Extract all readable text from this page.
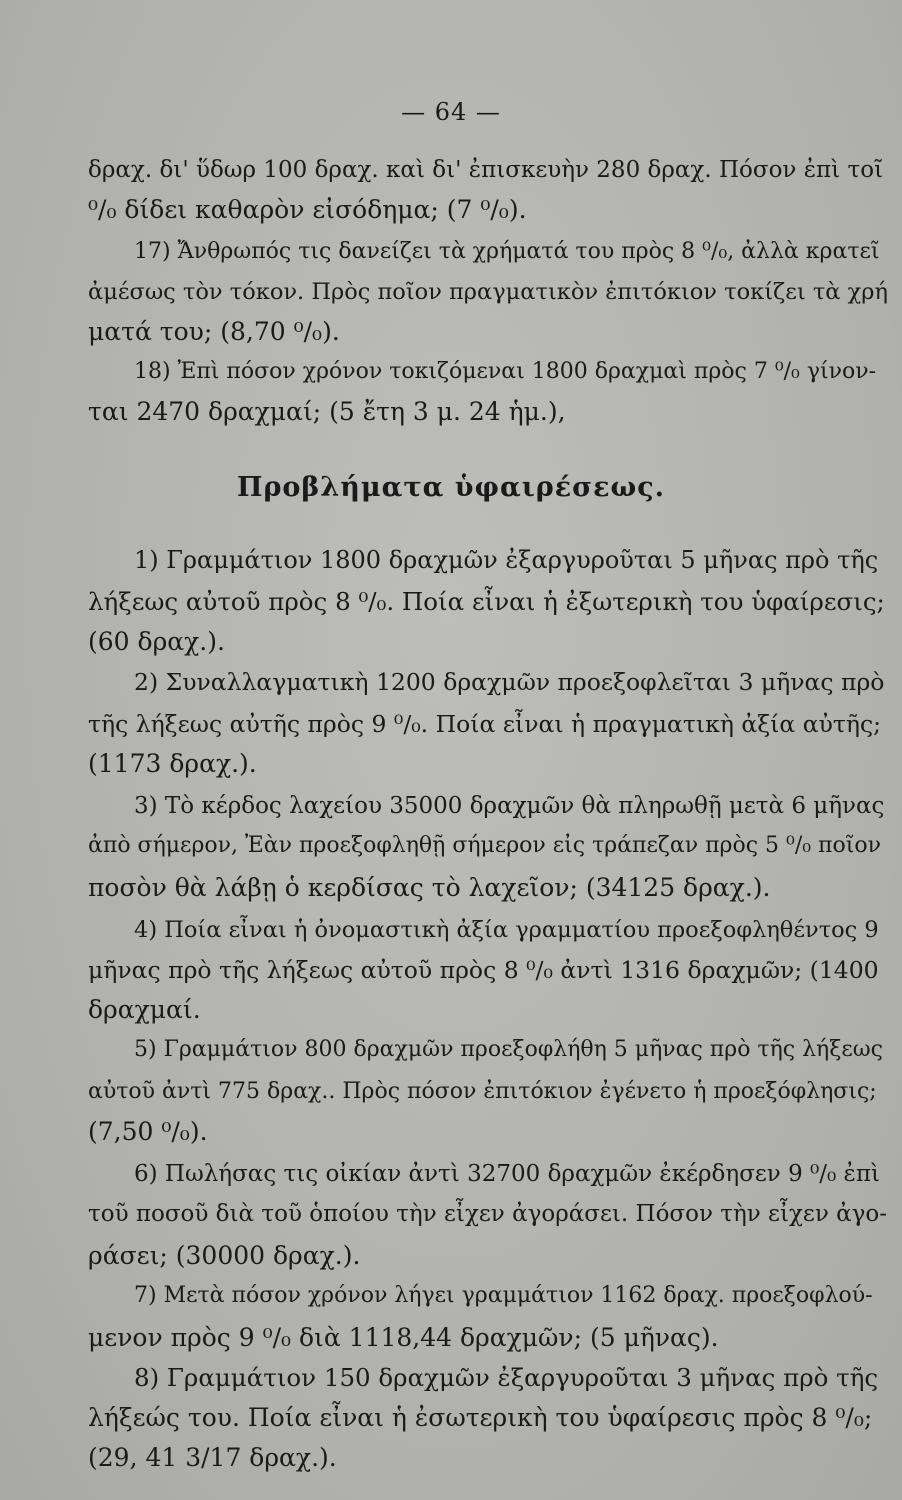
— 64 —
δραχ. δι' ὕδωρ 100 δραχ. καὶ δι' ἐπισκευὴν 280 δραχ. Πόσον ἐπὶ τοῖ
⁰/₀ δίδει καθαρὸν εἰσόδημα; (7 ⁰/₀).
17) Ἄνθρωπός τις δανείζει τὰ χρήματά του πρὸς 8 ⁰/₀, ἀλλὰ κρατεῖ
ἀμέσως τὸν τόκον. Πρὸς ποῖον πραγματικὸν ἐπιτόκιον τοκίζει τὰ χρή
ματά του; (8,70 ⁰/₀).
18) Ἐπὶ πόσον χρόνον τοκιζόμεναι 1800 δραχμαὶ πρὸς 7 ⁰/₀ γίνον-
ται 2470 δραχμαί; (5 ἔτη 3 μ. 24 ἡμ.),
Προβλήματα ὑφαιρέσεως.
1) Γραμμάτιον 1800 δραχμῶν ἐξαργυροῦται 5 μῆνας πρὸ τῆς
λήξεως αὐτοῦ πρὸς 8 ⁰/₀. Ποία εἶναι ἡ ἐξωτερικὴ του ὑφαίρεσις;
(60 δραχ.).
2) Συναλλαγματικὴ 1200 δραχμῶν προεξοφλεῖται 3 μῆνας πρὸ
τῆς λήξεως αὐτῆς πρὸς 9 ⁰/₀. Ποία εἶναι ἡ πραγματικὴ ἀξία αὐτῆς;
(1173 δραχ.).
3) Τὸ κέρδος λαχείου 35000 δραχμῶν θὰ πληρωθῇ μετὰ 6 μῆνας
ἀπὸ σήμερον, Ἐὰν προεξοφληθῇ σήμερον εἰς τράπεζαν πρὸς 5 ⁰/₀ ποῖον
ποσὸν θὰ λάβῃ ὁ κερδίσας τὸ λαχεῖον; (34125 δραχ.).
4) Ποία εἶναι ἡ ὀνομαστικὴ ἀξία γραμματίου προεξοφληθέντος 9
μῆνας πρὸ τῆς λήξεως αὐτοῦ πρὸς 8 ⁰/₀ ἀντὶ 1316 δραχμῶν; (1400
δραχμαί.
5) Γραμμάτιον 800 δραχμῶν προεξοφλήθη 5 μῆνας πρὸ τῆς λήξεως
αὐτοῦ ἀντὶ 775 δραχ.. Πρὸς πόσον ἐπιτόκιον ἐγένετο ἡ προεξόφλησις;
(7,50 ⁰/₀).
6) Πωλήσας τις οἰκίαν ἀντὶ 32700 δραχμῶν ἐκέρδησεν 9 ⁰/₀ ἐπὶ
τοῦ ποσοῦ διὰ τοῦ ὁποίου τὴν εἶχεν ἀγοράσει. Πόσον τὴν εἶχεν ἀγο-
ράσει; (30000 δραχ.).
7) Μετὰ πόσον χρόνον λήγει γραμμάτιον 1162 δραχ. προεξοφλού-
μενον πρὸς 9 ⁰/₀ διὰ 1118,44 δραχμῶν; (5 μῆνας).
8) Γραμμάτιον 150 δραχμῶν ἐξαργυροῦται 3 μῆνας πρὸ τῆς
λήξεώς του. Ποία εἶναι ἡ ἐσωτερικὴ του ὑφαίρεσις πρὸς 8 ⁰/₀;
(29, 41 3/17 δραχ.).
